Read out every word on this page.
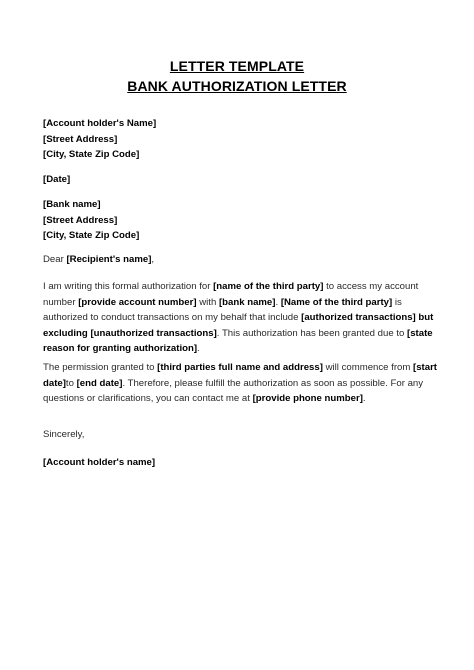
LETTER TEMPLATE
BANK AUTHORIZATION LETTER
[Account holder's Name]
[Street Address]
[City, State Zip Code]
[Date]
[Bank name]
[Street Address]
[City, State Zip Code]
Dear [Recipient's name],
I am writing this formal authorization for [name of the third party] to access my account number [provide account number] with [bank name]. [Name of the third party] is authorized to conduct transactions on my behalf that include [authorized transactions] but excluding [unauthorized transactions]. This authorization has been granted due to [state reason for granting authorization].
The permission granted to [third parties full name and address] will commence from [start date]to [end date]. Therefore, please fulfill the authorization as soon as possible. For any questions or clarifications, you can contact me at [provide phone number].
Sincerely,
[Account holder's name]
